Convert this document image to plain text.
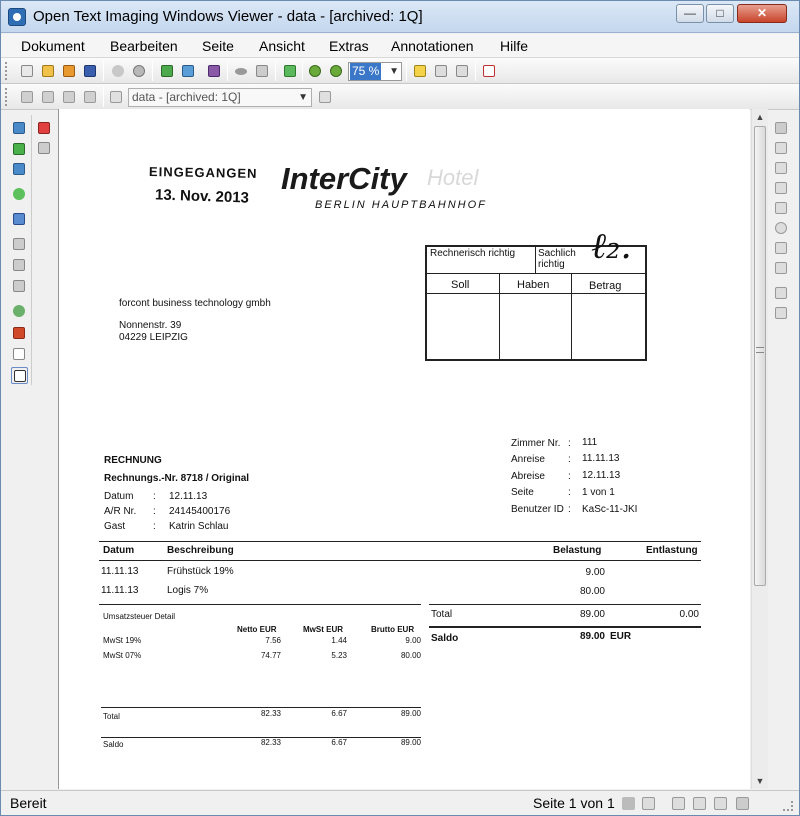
Open Text Imaging Windows Viewer - data - [archived: 1Q]	—	□	✕
Dokument Bearbeiten Seite Ansicht Extras Annotationen Hilfe
75 % ▼
data - [archived: 1Q]	▼
EINGEGANGEN
13. Nov. 2013
InterCity Hotel
BERLIN HAUPTBAHNHOF
Rechnerisch richtig	Sachlich richtig ℓ₂.
Soll	Haben	Betrag
forcont business technology gmbh
Nonnenstr. 39
04229 LEIPZIG
Zimmer Nr. : 111
Anreise : 11.11.13
Abreise : 12.11.13
Seite	: 1 von 1
Benutzer ID : KaSc-11-JKI
RECHNUNG
Rechnungs.-Nr. 8718 / Original
Datum : 12.11.13
A/R Nr. : 24145400176
Gast	: Katrin Schlau
Datum	Beschreibung	Belastung	Entlastung
11.11.13	Frühstück 19%	9.00
11.11.13	Logis 7%	80.00
Umsatzsteuer Detail
Netto EUR	MwSt EUR	Brutto EUR
MwSt 19%	7.56	1.44	9.00
MwSt 07%	74.77	5.23	80.00
Total	82.33	6.67	89.00
Saldo	82.33	6.67	89.00
Total	89.00	0.00
Saldo	89.00 EUR
▲
▼
Bereit	Seite 1 von 1
